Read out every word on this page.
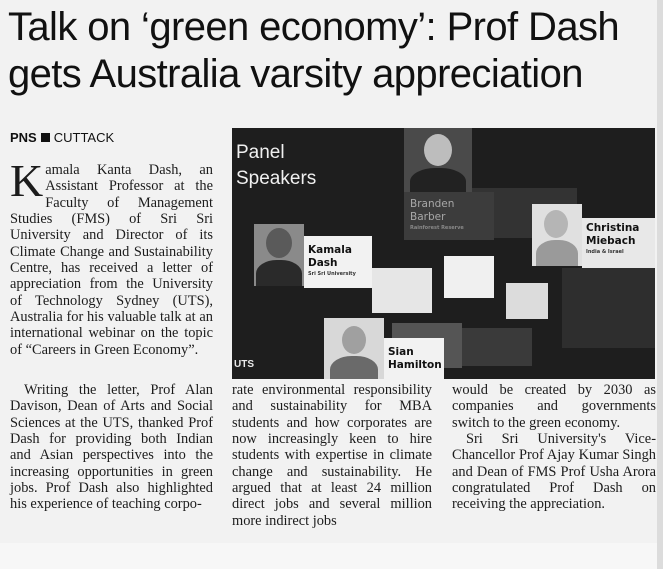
Talk on ‘green economy’: Prof Dash
gets Australia varsity appreciation
PNS CUTTACK

Kamala Kanta Dash, an Assistant Professor at the Faculty of Management Studies (FMS) of Sri Sri University and Director of its Climate Change and Sustainability Centre, has received a letter of appreciation from the University of Technology Sydney (UTS), Australia for his valuable talk at an international webinar on the topic of “Careers in Green Economy”.

Writing the letter, Prof Alan Davison, Dean of Arts and Social Sciences at the UTS, thanked Prof Dash for providing both Indian and Asian perspectives into the increasing opportunities in green jobs. Prof Dash also highlighted his experience of teaching corpo-

rate environmental responsibility and sustainability for MBA students and how corporates are now increasingly keen to hire students with expertise in climate change and sustainability. He argued that at least 24 million direct jobs and several million more indirect jobs

would be created by 2030 as companies and governments switch to the green economy.

Sri Sri University's Vice-Chancellor Prof Ajay Kumar Singh and Dean of FMS Prof Usha Arora congratulated Prof Dash on receiving the appreciation.

Panel
Speakers
Branden
Barber
Rainforest Reserve
Kamala
Dash
Sri Sri University
Christina
Miebach
India & Israel
Sian
Hamilton
UTS
